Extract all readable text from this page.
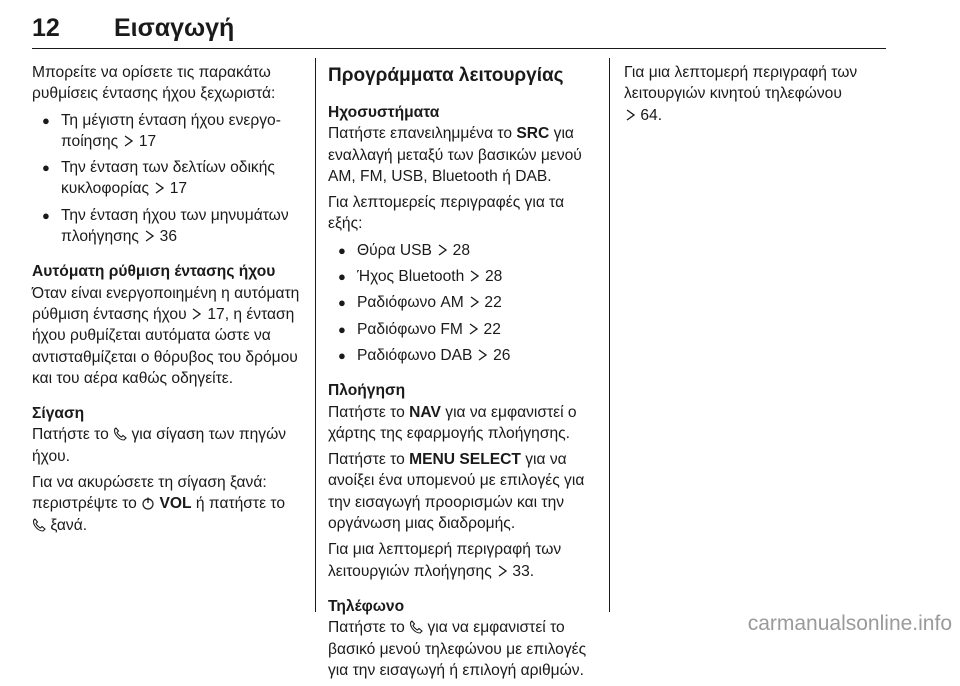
12 Εισαγωγή

Μπορείτε να ορίσετε τις παρακάτω ρυθμίσεις έντασης ήχου ξεχωριστά:

● Τη μέγιστη ένταση ήχου ενεργοποίησης 17
● Την ένταση των δελτίων οδικής κυκλοφορίας 17
● Την ένταση ήχου των μηνυμάτων πλοήγησης 36
Αυτόματη ρύθμιση έντασης ήχου

Όταν είναι ενεργοποιημένη η αυτόματη ρύθμιση έντασης ήχου 17, η ένταση ήχου ρυθμίζεται αυτόματα ώστε να αντισταθμίζεται ο θόρυβος του δρόμου και του αέρα καθώς οδηγείτε.

Σίγαση

Πατήστε το για σίγαση των πηγών ήχου.

Για να ακυρώσετε τη σίγαση ξανά: περιστρέψτε το VOL ή πατήστε το
ξανά.

Προγράμματα λειτουργίας
Ηχοσυστήματα

Πατήστε επανειλημμένα το SRC για εναλλαγή μεταξύ των βασικών μενού AM, FM, USB, Bluetooth ή DAB.

Για λεπτομερείς περιγραφές για τα εξής:

● Θύρα USB 28
● Ήχος Bluetooth 28
● Ραδιόφωνο AM 22
● Ραδιόφωνο FM 22
● Ραδιόφωνο DAB 26
Πλοήγηση

Πατήστε το NAV για να εμφανιστεί ο χάρτης της εφαρμογής πλοήγησης.

Πατήστε το MENU SELECT για να ανοίξει ένα υπομενού με επιλογές για την εισαγωγή προορισμών και την οργάνωση μιας διαδρομής.

Για μια λεπτομερή περιγραφή των λειτουργιών πλοήγησης 33.

Τηλέφωνο

Πατήστε το για να εμφανιστεί το βασικό μενού τηλεφώνου με επιλογές για την εισαγωγή ή επιλογή αριθμών.

Για μια λεπτομερή περιγραφή των λειτουργιών κινητού τηλεφώνου
64.

carmanualsonline.info
